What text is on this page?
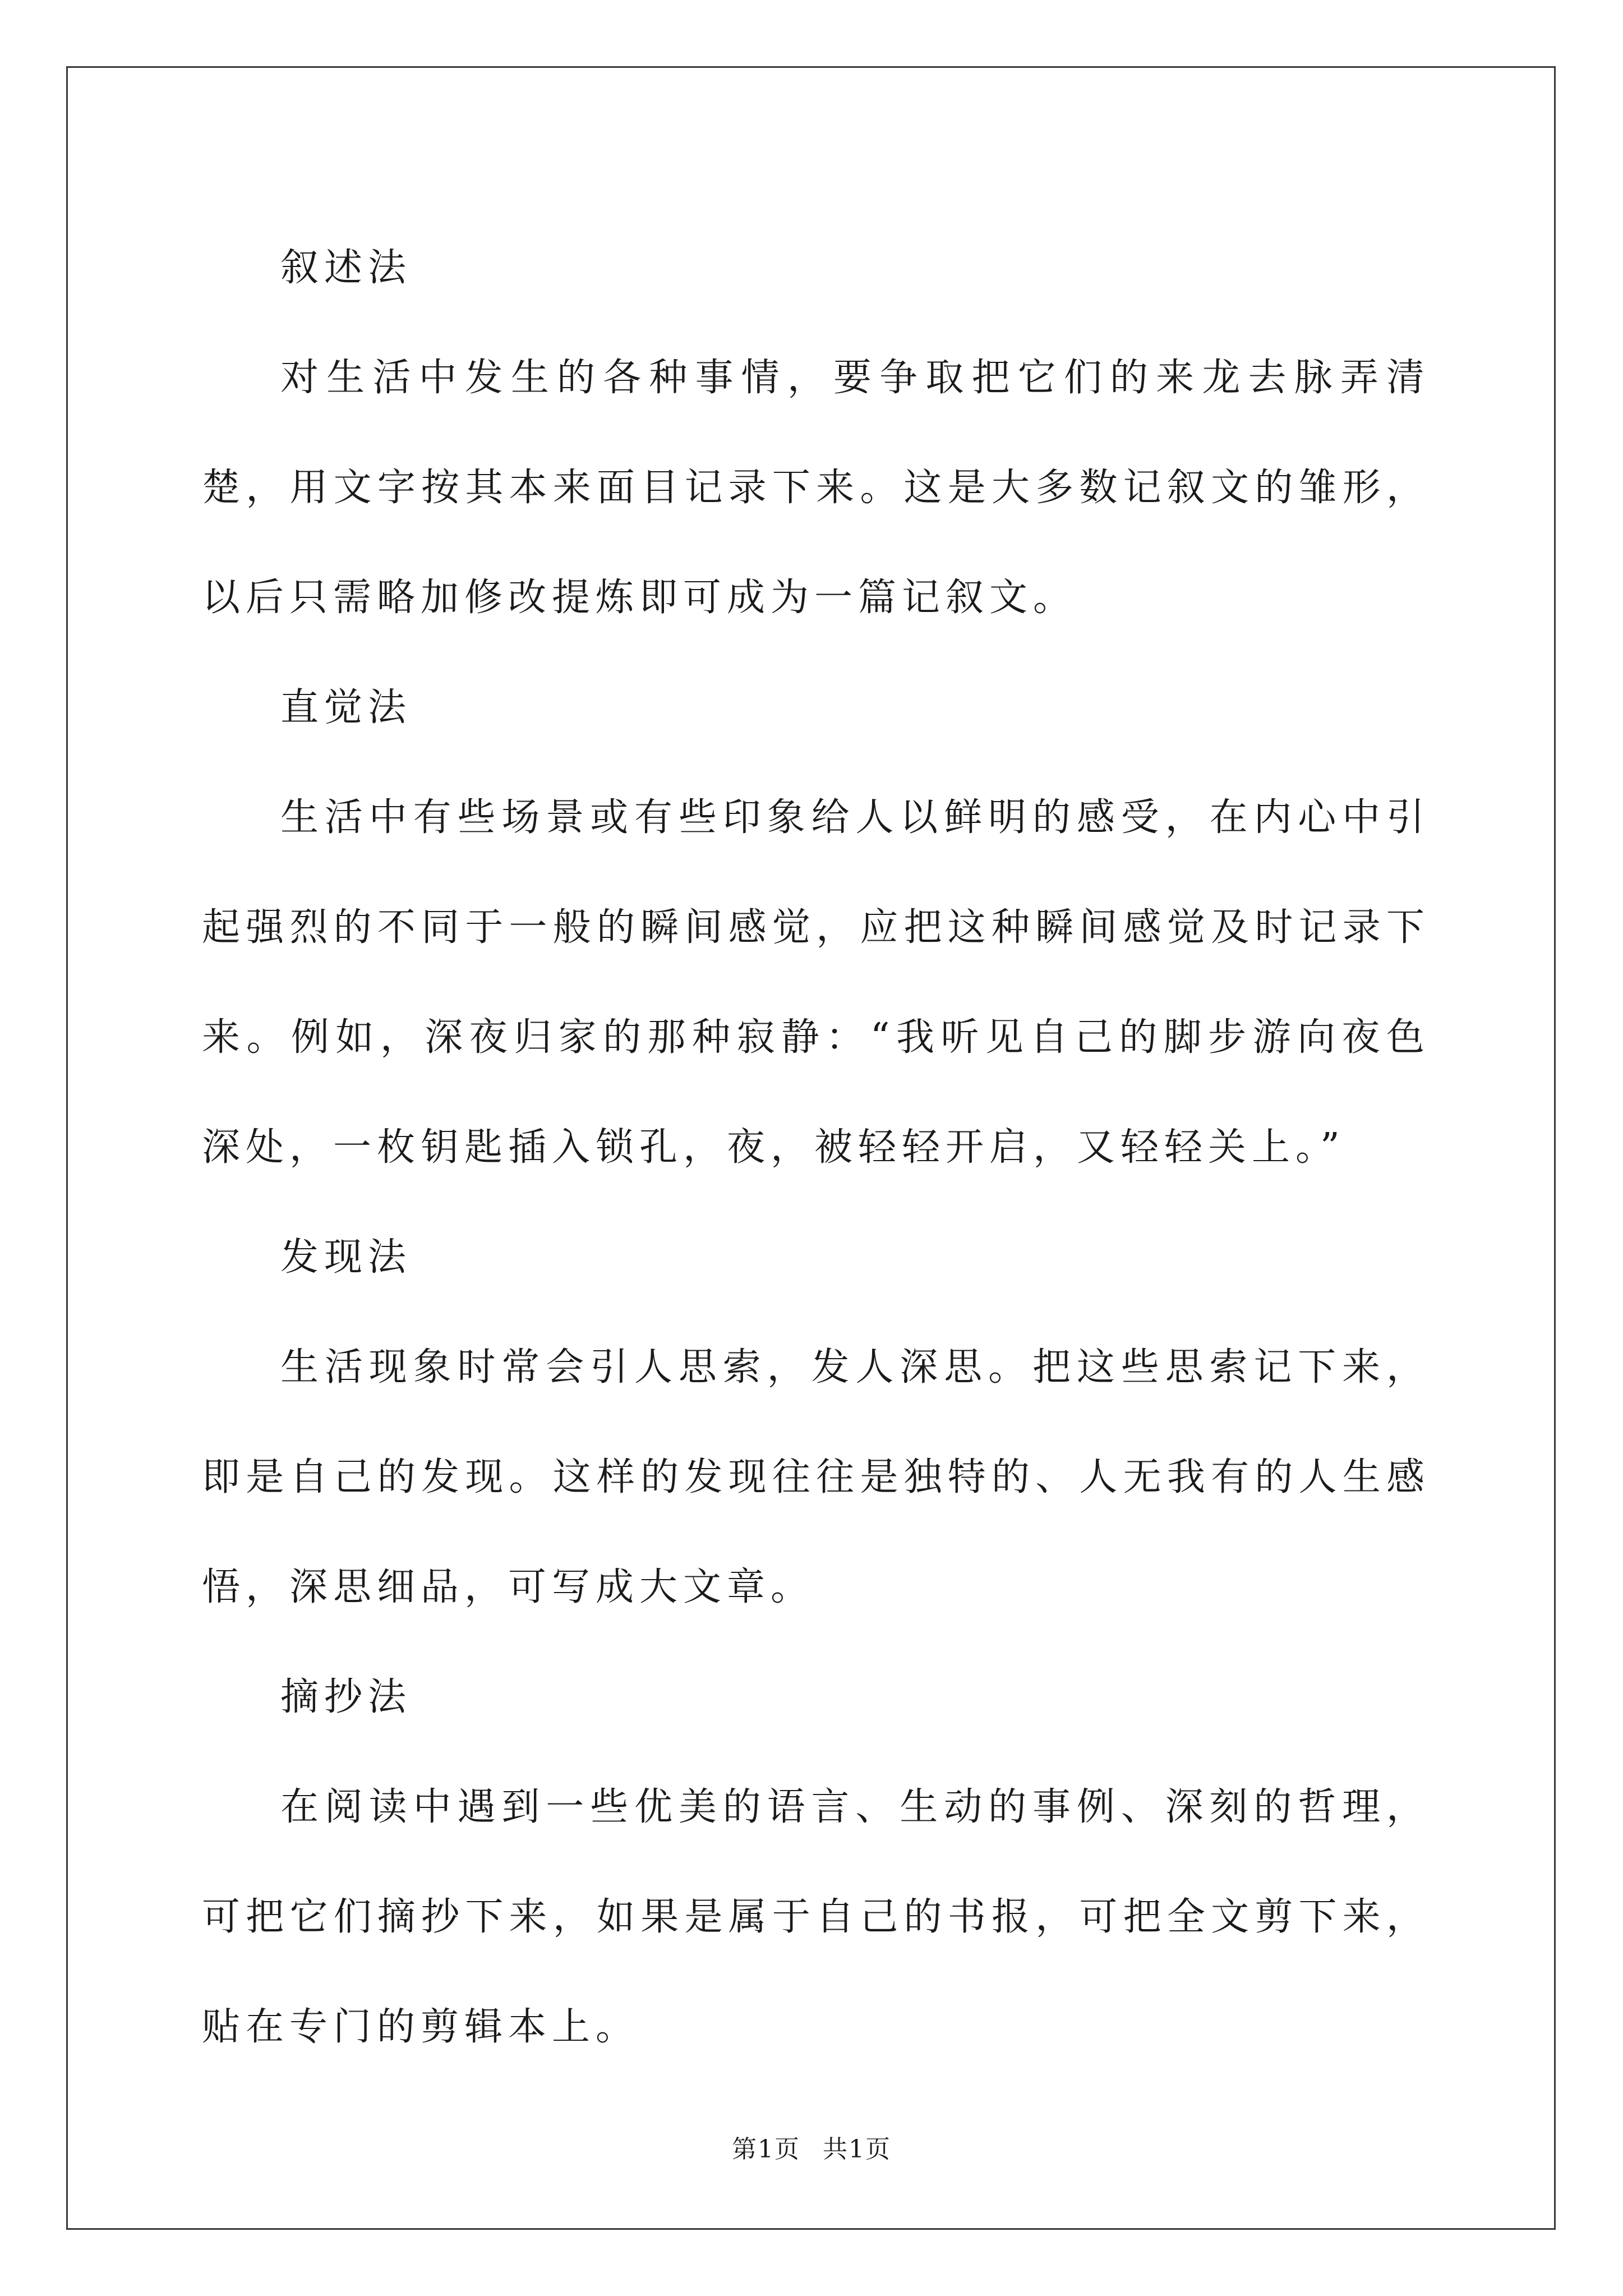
叙述法

对生活中发生的各种事情，要争取把它们的来龙去脉弄清楚，用文字按其本来面目记录下来。这是大多数记叙文的雏形，以后只需略加修改提炼即可成为一篇记叙文。

直觉法

生活中有些场景或有些印象给人以鲜明的感受，在内心中引起强烈的不同于一般的瞬间感觉，应把这种瞬间感觉及时记录下来。例如，深夜归家的那种寂静：“我听见自己的脚步游向夜色深处，一枚钥匙插入锁孔，夜，被轻轻开启，又轻轻关上。”

发现法

生活现象时常会引人思索，发人深思。把这些思索记下来，即是自己的发现。这样的发现往往是独特的、人无我有的人生感悟，深思细品，可写成大文章。

摘抄法

在阅读中遇到一些优美的语言、生动的事例、深刻的哲理，可把它们摘抄下来，如果是属于自己的书报，可把全文剪下来，贴在专门的剪辑本上。

第1页 共1页
